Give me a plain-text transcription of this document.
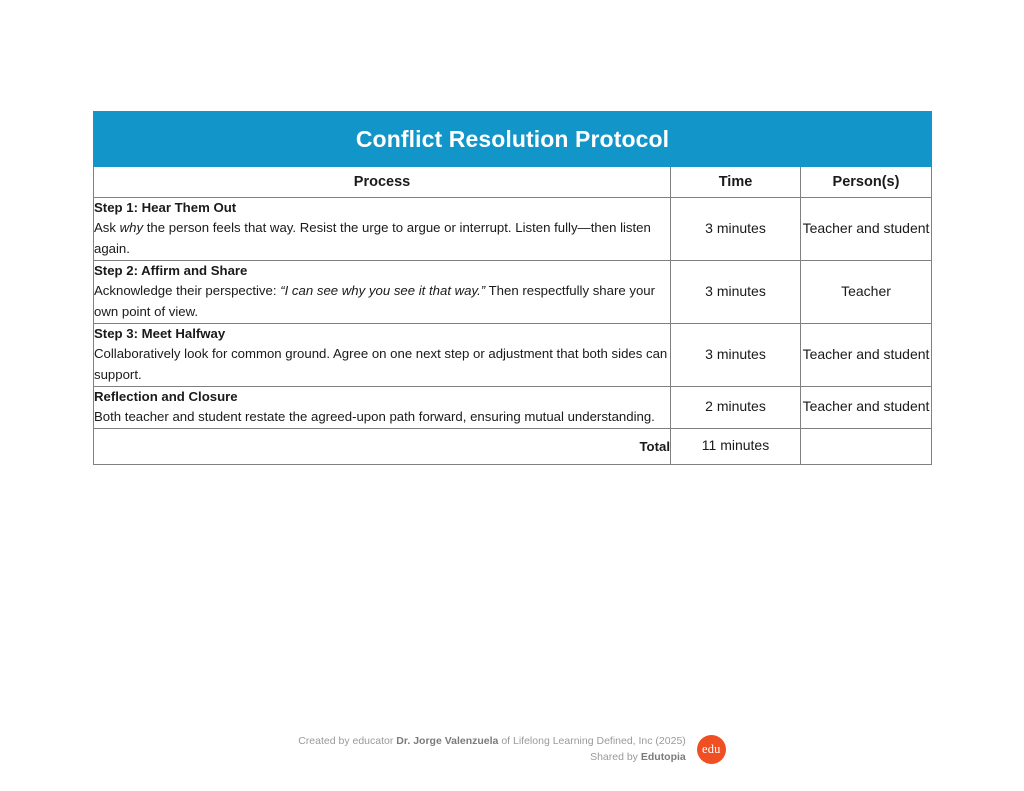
Conflict Resolution Protocol		
Process	Time	Person(s)

Step 1: Hear Them Out
Ask why the person feels that way. Resist the urge to argue or interrupt. Listen fully—then listen again.	3 minutes	Teacher and student

Step 2: Affirm and Share
Acknowledge their perspective: “I can see why you see it that way.” Then respectfully share your own point of view.	3 minutes	Teacher

Step 3: Meet Halfway
Collaboratively look for common ground. Agree on one next step or adjustment that both sides can support.	3 minutes	Teacher and student

Reflection and Closure
Both teacher and student restate the agreed-upon path forward, ensuring mutual understanding.	2 minutes	Teacher and student
Total	11 minutes	
Created by educator Dr. Jorge Valenzuela of Lifelong Learning Defined, Inc (2025)
Shared by Edutopia
edu
